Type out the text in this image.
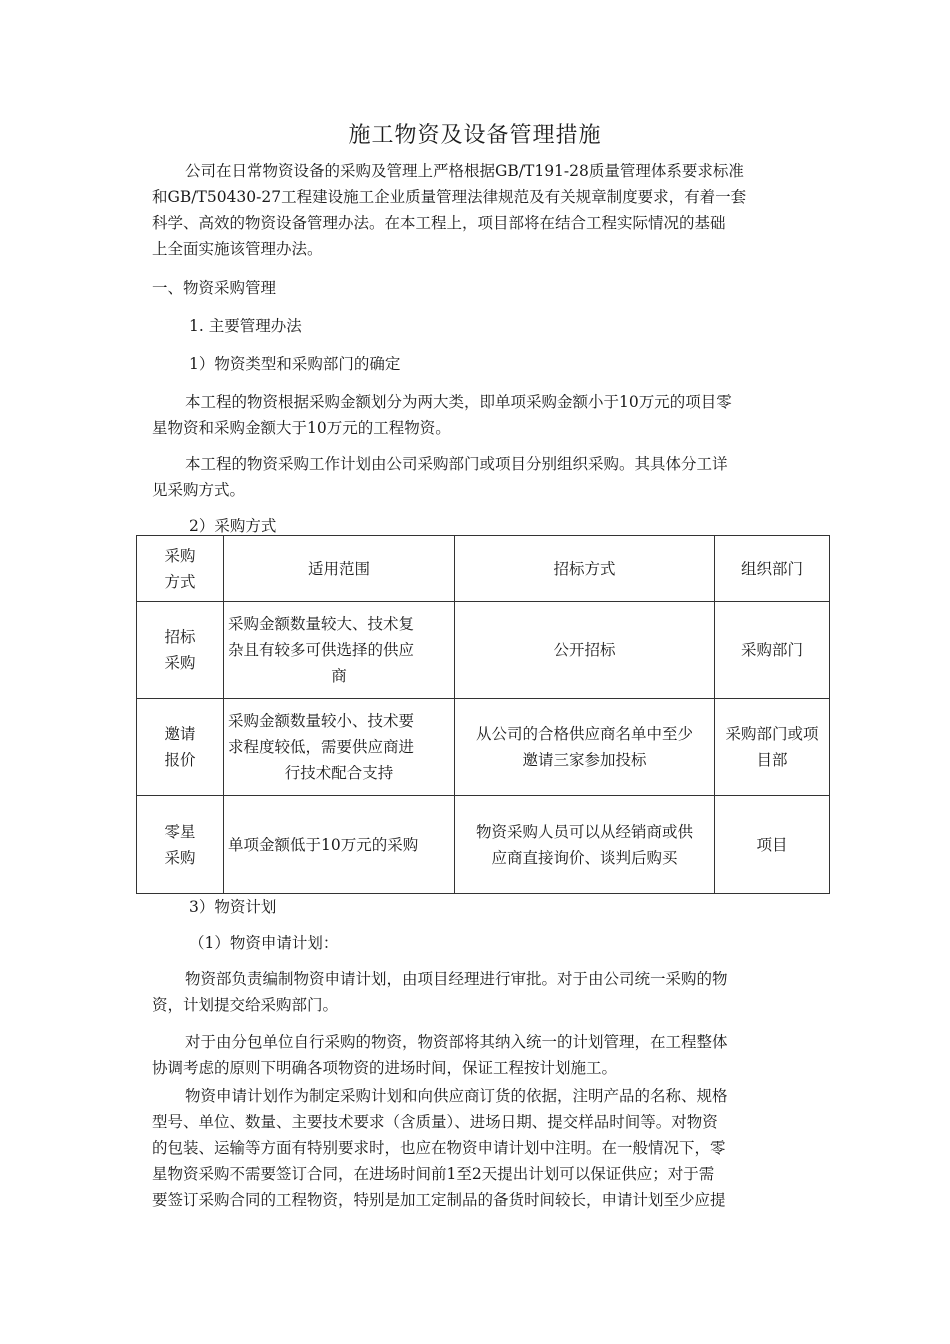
施工物资及设备管理措施
公司在日常物资设备的采购及管理上严格根据GB/T191-28质量管理体系要求标准
和GB/T50430-27工程建设施工企业质量管理法律规范及有关规章制度要求，有着一套
科学、高效的物资设备管理办法。在本工程上，项目部将在结合工程实际情况的基础
上全面实施该管理办法。
一、物资采购管理
1. 主要管理办法
1）物资类型和采购部门的确定
本工程的物资根据采购金额划分为两大类，即单项采购金额小于10万元的项目零
星物资和采购金额大于10万元的工程物资。
本工程的物资采购工作计划由公司采购部门或项目分别组织采购。其具体分工详
见采购方式。
2）采购方式
采购
方式	适用范围	招标方式	组织部门

招标
采购	采购金额数量较大、技术复
杂且有较多可供选择的供应
商	公开招标	采购部门

邀请
报价	采购金额数量较小、技术要
求程度较低，需要供应商进
行技术配合支持	从公司的合格供应商名单中至少
邀请三家参加投标	采购部门或项
目部

零星
采购	单项金额低于10万元的采购	物资采购人员可以从经销商或供
应商直接询价、谈判后购买	项目
3）物资计划
（1）物资申请计划：
物资部负责编制物资申请计划，由项目经理进行审批。对于由公司统一采购的物
资，计划提交给采购部门。
对于由分包单位自行采购的物资，物资部将其纳入统一的计划管理，在工程整体
协调考虑的原则下明确各项物资的进场时间，保证工程按计划施工。
物资申请计划作为制定采购计划和向供应商订货的依据，注明产品的名称、规格
型号、单位、数量、主要技术要求（含质量）、进场日期、提交样品时间等。对物资
的包装、运输等方面有特别要求时，也应在物资申请计划中注明。在一般情况下，零
星物资采购不需要签订合同，在进场时间前1至2天提出计划可以保证供应；对于需
要签订采购合同的工程物资，特别是加工定制品的备货时间较长，申请计划至少应提
